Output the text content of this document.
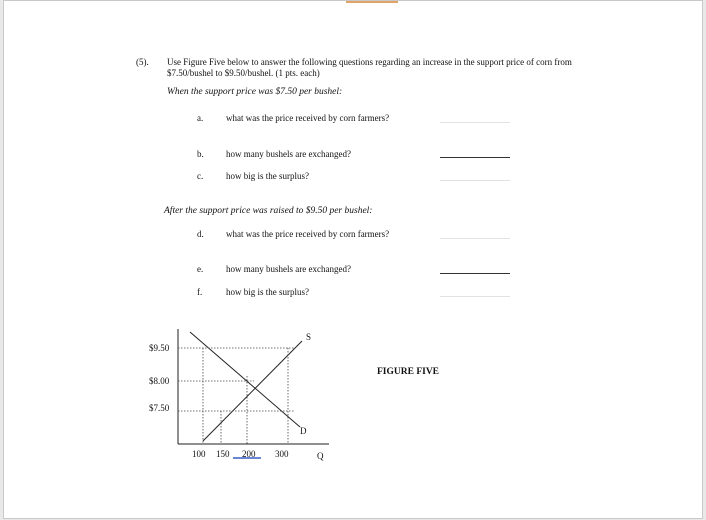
(5). Use Figure Five below to answer the following questions regarding an increase in the support price of corn from
$7.50/bushel to $9.50/bushel. (1 pts. each)
When the support price was $7.50 per bushel:
a.	what was the price received by corn farmers?
b. how many bushels are exchanged?
c.	how big is the surplus?
After the support price was raised to $9.50 per bushel:
d. what was the price received by corn farmers?
e.	how many bushels are exchanged?
f.	how big is the surplus?
$9.50
$8.00
$7.50
100 150 200 300	Q
S
D
FIGURE FIVE
